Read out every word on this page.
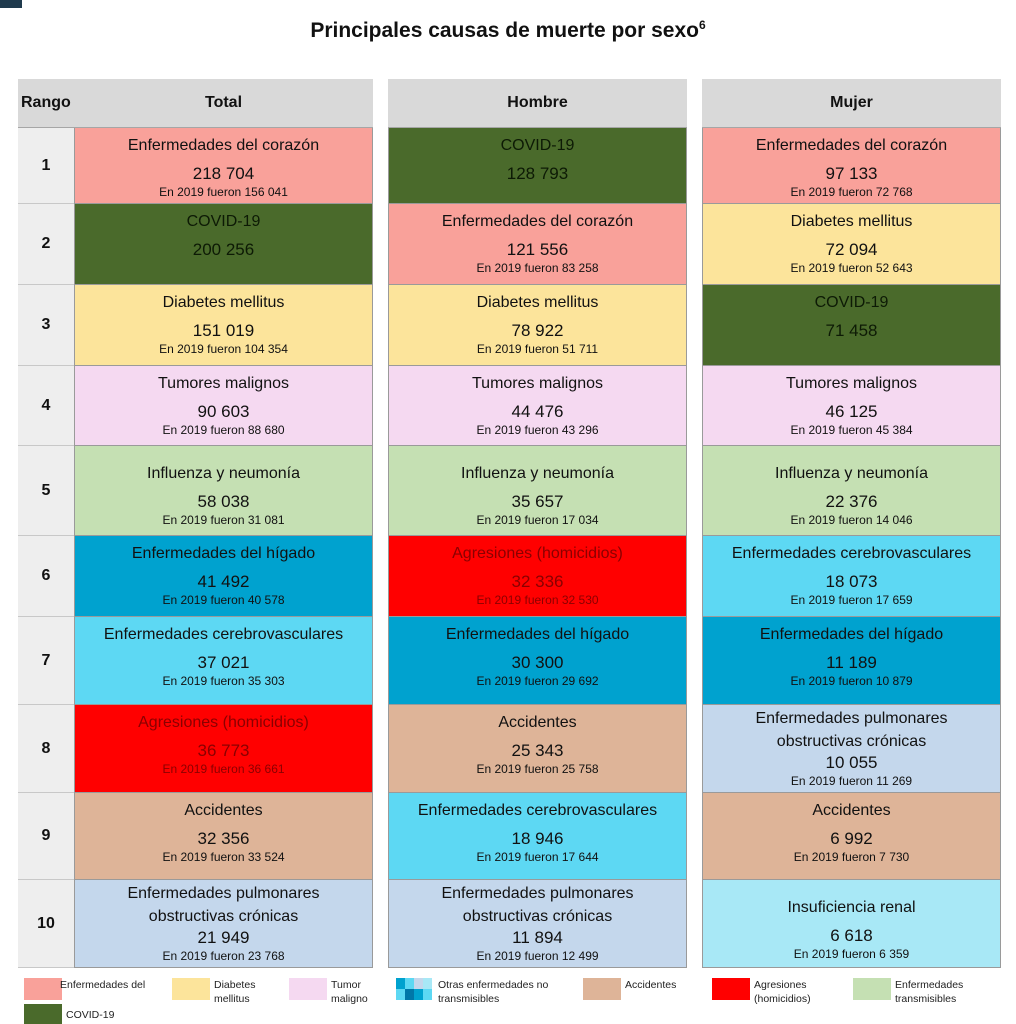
Principales causas de muerte por sexo$^6$
Rango
1
2
3
4
5
6
7
8
9
10
Total
Enfermedades del corazón
218 704
En 2019 fueron 156 041
COVID-19
200 256
Diabetes mellitus
151 019
En 2019 fueron 104 354
Tumores malignos
90 603
En 2019 fueron 88 680
Influenza y neumonía
58 038
En 2019 fueron 31 081
Enfermedades del hígado
41 492
En 2019 fueron 40 578
Enfermedades cerebrovasculares
37 021
En 2019 fueron 35 303
Agresiones (homicidios)
36 773
En 2019 fueron 36 661
Accidentes
32 356
En 2019 fueron 33 524
Enfermedades pulmonares
obstructivas crónicas
21 949
En 2019 fueron 23 768
Hombre
COVID-19
128 793
Enfermedades del corazón
121 556
En 2019 fueron 83 258
Diabetes mellitus
78 922
En 2019 fueron 51 711
Tumores malignos
44 476
En 2019 fueron 43 296
Influenza y neumonía
35 657
En 2019 fueron 17 034
Agresiones (homicidios)
32 336
En 2019 fueron 32 530
Enfermedades del hígado
30 300
En 2019 fueron 29 692
Accidentes
25 343
En 2019 fueron 25 758
Enfermedades cerebrovasculares
18 946
En 2019 fueron 17 644
Enfermedades pulmonares
obstructivas crónicas
11 894
En 2019 fueron 12 499
Mujer
Enfermedades del corazón
97 133
En 2019 fueron 72 768
Diabetes mellitus
72 094
En 2019 fueron 52 643
COVID-19
71 458
Tumores malignos
46 125
En 2019 fueron 45 384
Influenza y neumonía
22 376
En 2019 fueron 14 046
Enfermedades cerebrovasculares
18 073
En 2019 fueron 17 659
Enfermedades del hígado
11 189
En 2019 fueron 10 879
Enfermedades pulmonares
obstructivas crónicas
10 055
En 2019 fueron 11 269
Accidentes
6 992
En 2019 fueron 7 730
Insuficiencia renal
6 618
En 2019 fueron 6 359
Enfermedades del	Diabetes
mellitus
Tumor
maligno
Otras enfermedades no
transmisibles
Accidentes	Agresiones
(homicidios)
Enfermedades
transmisibles
COVID-19
